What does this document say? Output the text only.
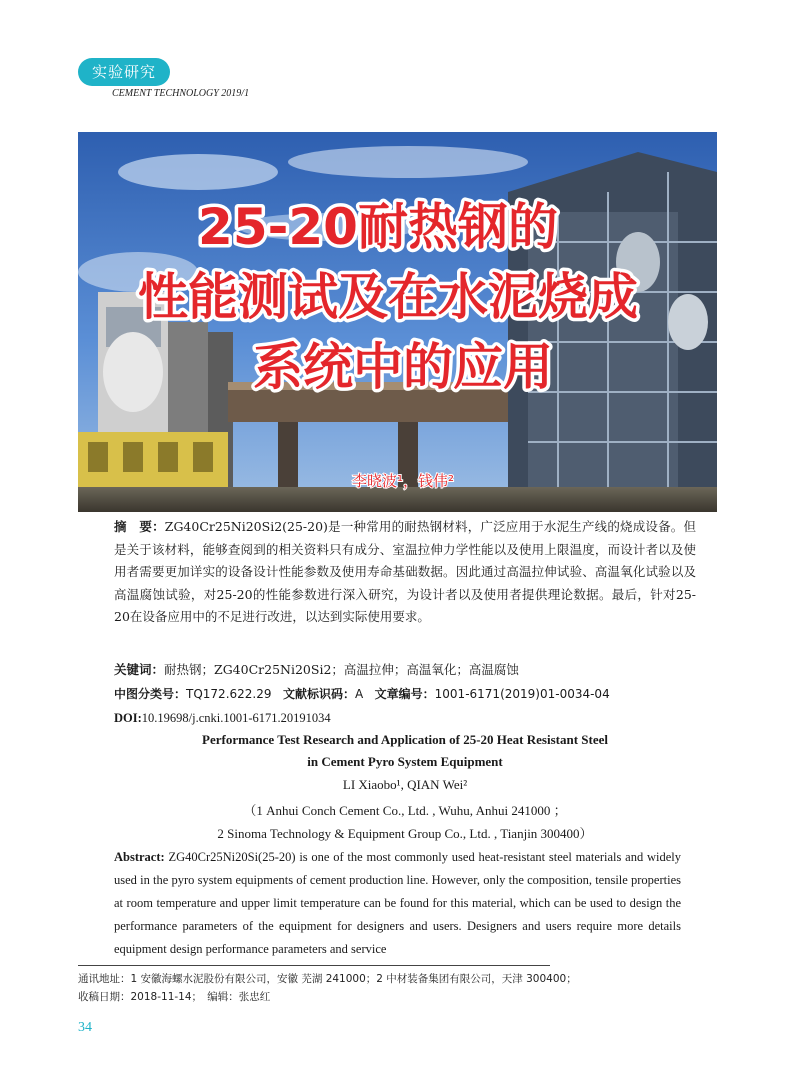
实验研究
CEMENT TECHNOLOGY 2019/1
25-20耐热钢的
性能测试及在水泥烧成
系统中的应用
李晓波¹，钱伟²
摘　要：ZG40Cr25Ni20Si2(25-20)是一种常用的耐热钢材料，广泛应用于水泥生产线的烧成设备。但是关于该材料，能够查阅到的相关资料只有成分、室温拉伸力学性能以及使用上限温度，而设计者以及使用者需要更加详实的设备设计性能参数及使用寿命基础数据。因此通过高温拉伸试验、高温氧化试验以及高温腐蚀试验，对25-20的性能参数进行深入研究，为设计者以及使用者提供理论数据。最后，针对25-20在设备应用中的不足进行改进，以达到实际使用要求。
关键词：耐热钢；ZG40Cr25Ni20Si2；高温拉伸；高温氧化；高温腐蚀
中图分类号：TQ172.622.29 文献标识码：A 文章编号：1001-6171(2019)01-0034-04
DOI:10.19698/j.cnki.1001-6171.20191034
Performance Test Research and Application of 25-20 Heat Resistant Steel
in Cement Pyro System Equipment
LI Xiaobo¹, QIAN Wei²
（1 Anhui Conch Cement Co., Ltd. , Wuhu, Anhui 241000 ；
2 Sinoma Technology & Equipment Group Co., Ltd. , Tianjin 300400）
Abstract: ZG40Cr25Ni20Si(25-20) is one of the most commonly used heat-resistant steel materials and widely used in the pyro system equipments of cement production line. However, only the composition, tensile properties at room temperature and upper limit temperature can be found for this material, which can be used to design the performance parameters of the equipment for designers and users. Designers and users require more details equipment design performance parameters and service
通讯地址：1 安徽海螺水泥股份有限公司，安徽 芜湖 241000；2 中材装备集团有限公司，天津 300400；
收稿日期：2018-11-14；　编辑：张忠红
34
